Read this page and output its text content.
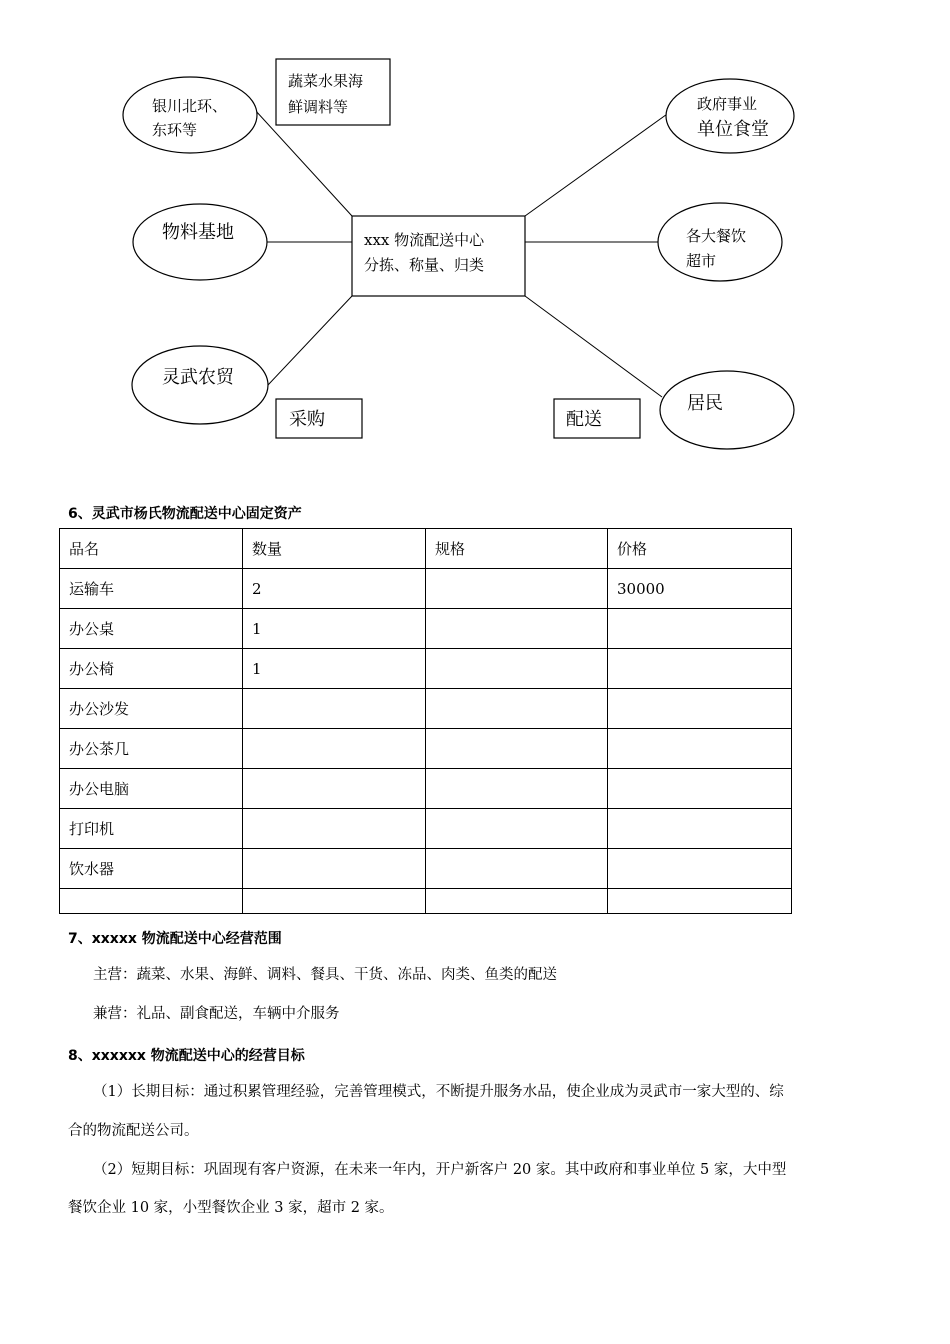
xxx 物流配送中心
分拣、称量、归类
银川北环、
东环等
物料基地
灵武农贸
蔬菜水果海
鲜调料等	政府事业
单位食堂
各大餐饮
超市
居民
采购	配送
6、灵武市杨氏物流配送中心固定资产
品名	数量	规格	价格
运输车	2		30000
办公桌	1		
办公椅	1		
办公沙发			
办公茶几			
办公电脑			
打印机			
饮水器			

7、xxxxx 物流配送中心经营范围
主营：蔬菜、水果、海鲜、调料、餐具、干货、冻品、肉类、鱼类的配送
兼营：礼品、副食配送，车辆中介服务
8、xxxxxx 物流配送中心的经营目标
（1）长期目标：通过积累管理经验，完善管理模式，不断提升服务水品，使企业成为灵武市一家大型的、综
合的物流配送公司。
（2）短期目标：巩固现有客户资源，在未来一年内，开户新客户 20 家。其中政府和事业单位 5 家，大中型
餐饮企业 10 家，小型餐饮企业 3 家，超市 2 家。
